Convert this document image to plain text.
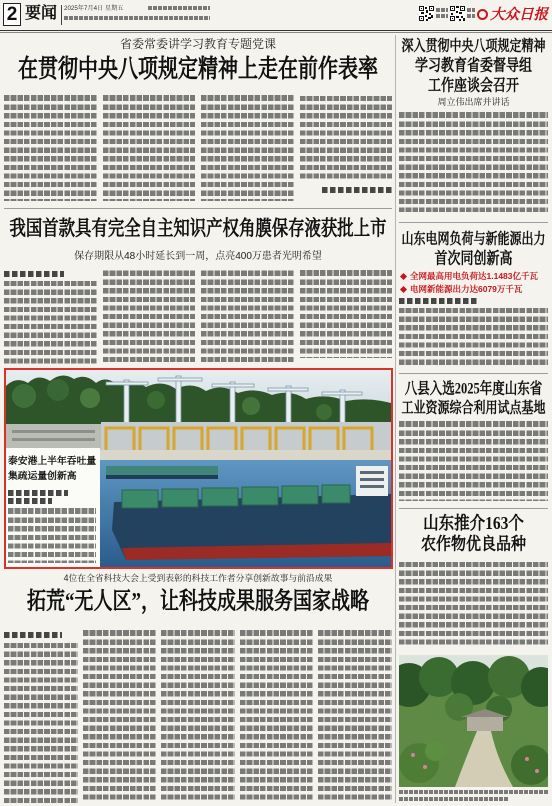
2 要闻 2025年7月4日 星期五	大众日报
省委常委讲学习教育专题党课
在贯彻中央八项规定精神上走在前作表率
我国首款具有完全自主知识产权角膜保存液获批上市
保存期限从48小时延长到一周，点亮400万患者光明希望
泰安港上半年吞吐量
集疏运量创新高
4位在全省科技大会上受到表彰的科技工作者分享创新故事与前沿成果
拓荒“无人区”，让科技成果服务国家战略
深入贯彻中央八项规定精神
学习教育省委督导组
工作座谈会召开
周立伟出席并讲话
山东电网负荷与新能源出力
首次同创新高
全网最高用电负荷达1.1483亿千瓦
电网新能源出力达6079万千瓦
八县入选2025年度山东省
工业资源综合利用试点基地
山东推介163个
农作物优良品种
